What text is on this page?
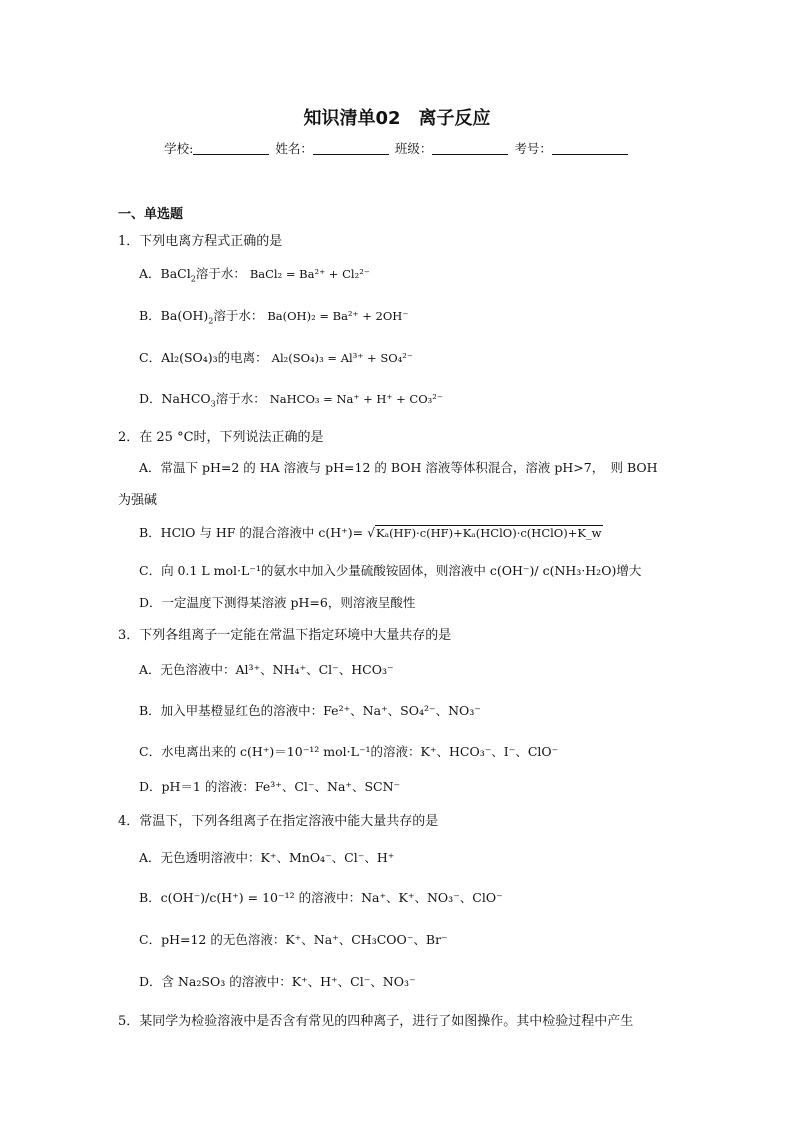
知识清单02　离子反应
学校:	姓名：	班级：	考号：
一、单选题
1．下列电离方程式正确的是
A．BaCl$_2$溶于水： BaCl₂ = Ba²⁺ + Cl₂²⁻
B．$Ba(OH)_2$溶于水： Ba(OH)₂ = Ba²⁺ + 2OH⁻
C．Al₂(SO₄)₃的电离： Al₂(SO₄)₃ = Al³⁺ + SO₄²⁻
D．NaHCO$_3$溶于水： NaHCO₃ = Na⁺ + H⁺ + CO₃²⁻
2．在 25 °C时，下列说法正确的是
A．常温下 pH=2 的 HA 溶液与 pH=12 的 BOH 溶液等体积混合，溶液 pH>7，　则 BOH
为强碱
B．HClO 与 HF 的混合溶液中 c(H⁺)= √Kₐ(HF)·c(HF)+Kₐ(HClO)·c(HClO)+K_w
C．向 0.1 L mol·L⁻¹的氨水中加入少量硫酸铵固体，则溶液中 c(OH⁻)/ c(NH₃·H₂O)增大
D．一定温度下测得某溶液 pH=6，则溶液呈酸性
3．下列各组离子一定能在常温下指定环境中大量共存的是
A．无色溶液中：Al³⁺、NH₄⁺、Cl⁻、HCO₃⁻
B．加入甲基橙显红色的溶液中：Fe²⁺、Na⁺、SO₄²⁻、NO₃⁻
C．水电离出来的 c(H⁺)＝10⁻¹² mol·L⁻¹的溶液：K⁺、HCO₃⁻、I⁻、ClO⁻
D．pH＝1 的溶液：Fe³⁺、Cl⁻、Na⁺、SCN⁻
4．常温下，下列各组离子在指定溶液中能大量共存的是
A．无色透明溶液中：K⁺、MnO₄⁻、Cl⁻、H⁺
B．c(OH⁻)/c(H⁺) = 10⁻¹² 的溶液中：Na⁺、K⁺、NO₃⁻、ClO⁻
C．pH=12 的无色溶液：K⁺、Na⁺、CH₃COO⁻、Br⁻
D．含 Na₂SO₃ 的溶液中：K⁺、H⁺、Cl⁻、NO₃⁻
5．某同学为检验溶液中是否含有常见的四种离子，进行了如图操作。其中检验过程中产生
